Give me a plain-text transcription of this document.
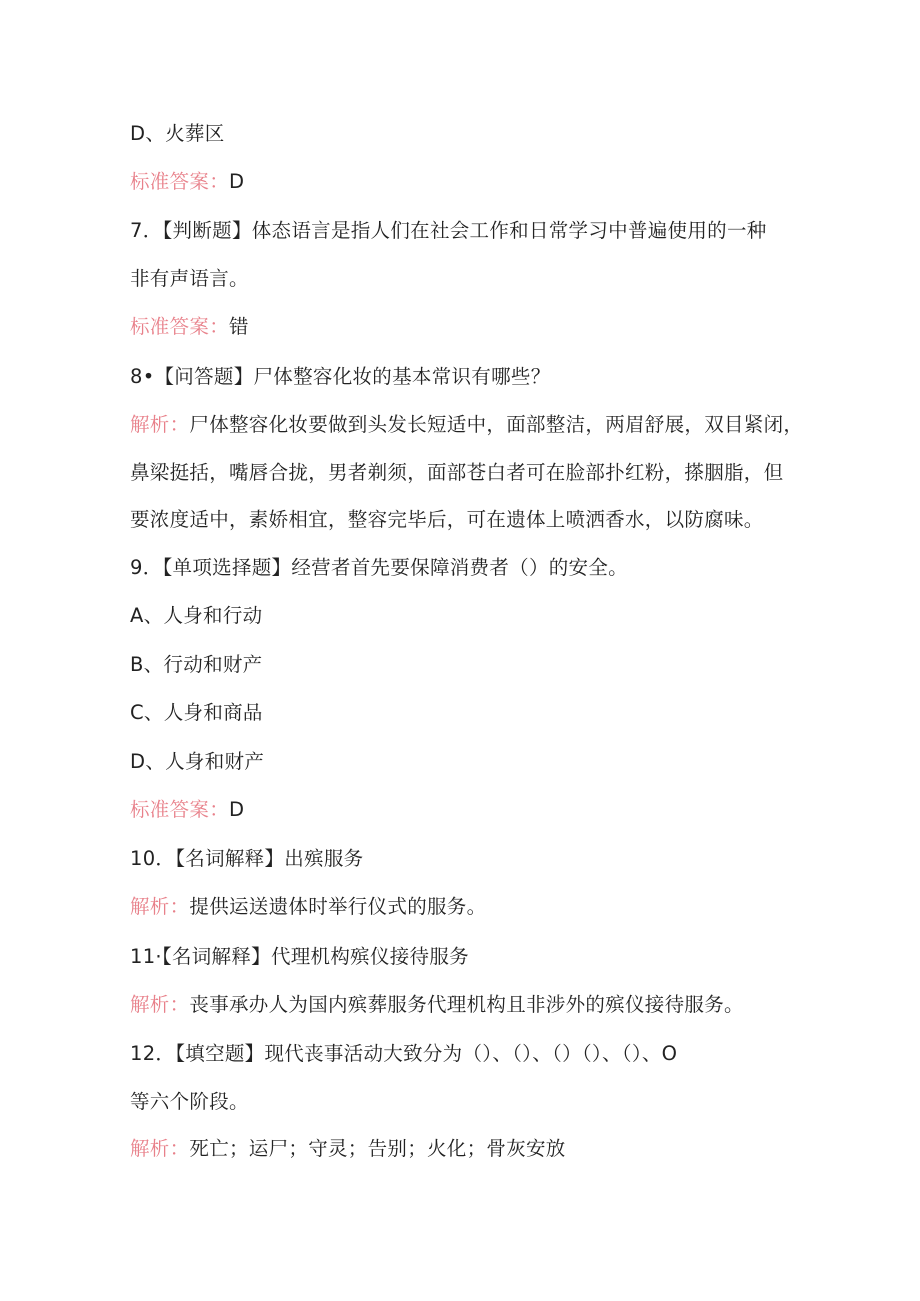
D、火葬区
标准答案：D
7．【判断题】体态语言是指人们在社会工作和日常学习中普遍使用的一种
非有声语言。
标准答案：错
8•【问答题】尸体整容化妆的基本常识有哪些？
解析：尸体整容化妆要做到头发长短适中，面部整洁，两眉舒展，双目紧闭，
鼻梁挺括，嘴唇合拢，男者剃须，面部苍白者可在脸部扑红粉，搽胭脂，但
要浓度适中，素娇相宜，整容完毕后，可在遗体上喷洒香水，以防腐味。
9．【单项选择题】经营者首先要保障消费者（）的安全。
A、人身和行动
B、行动和财产
C、人身和商品
D、人身和财产
标准答案：D
10．【名词解释】出殡服务
解析：提供运送遗体时举行仪式的服务。
11·【名词解释】代理机构殡仪接待服务
解析：丧事承办人为国内殡葬服务代理机构且非涉外的殡仪接待服务。
12．【填空题】现代丧事活动大致分为（）、（）、（）（）、（）、O
等六个阶段。
解析：死亡；运尸；守灵；告别；火化；骨灰安放
